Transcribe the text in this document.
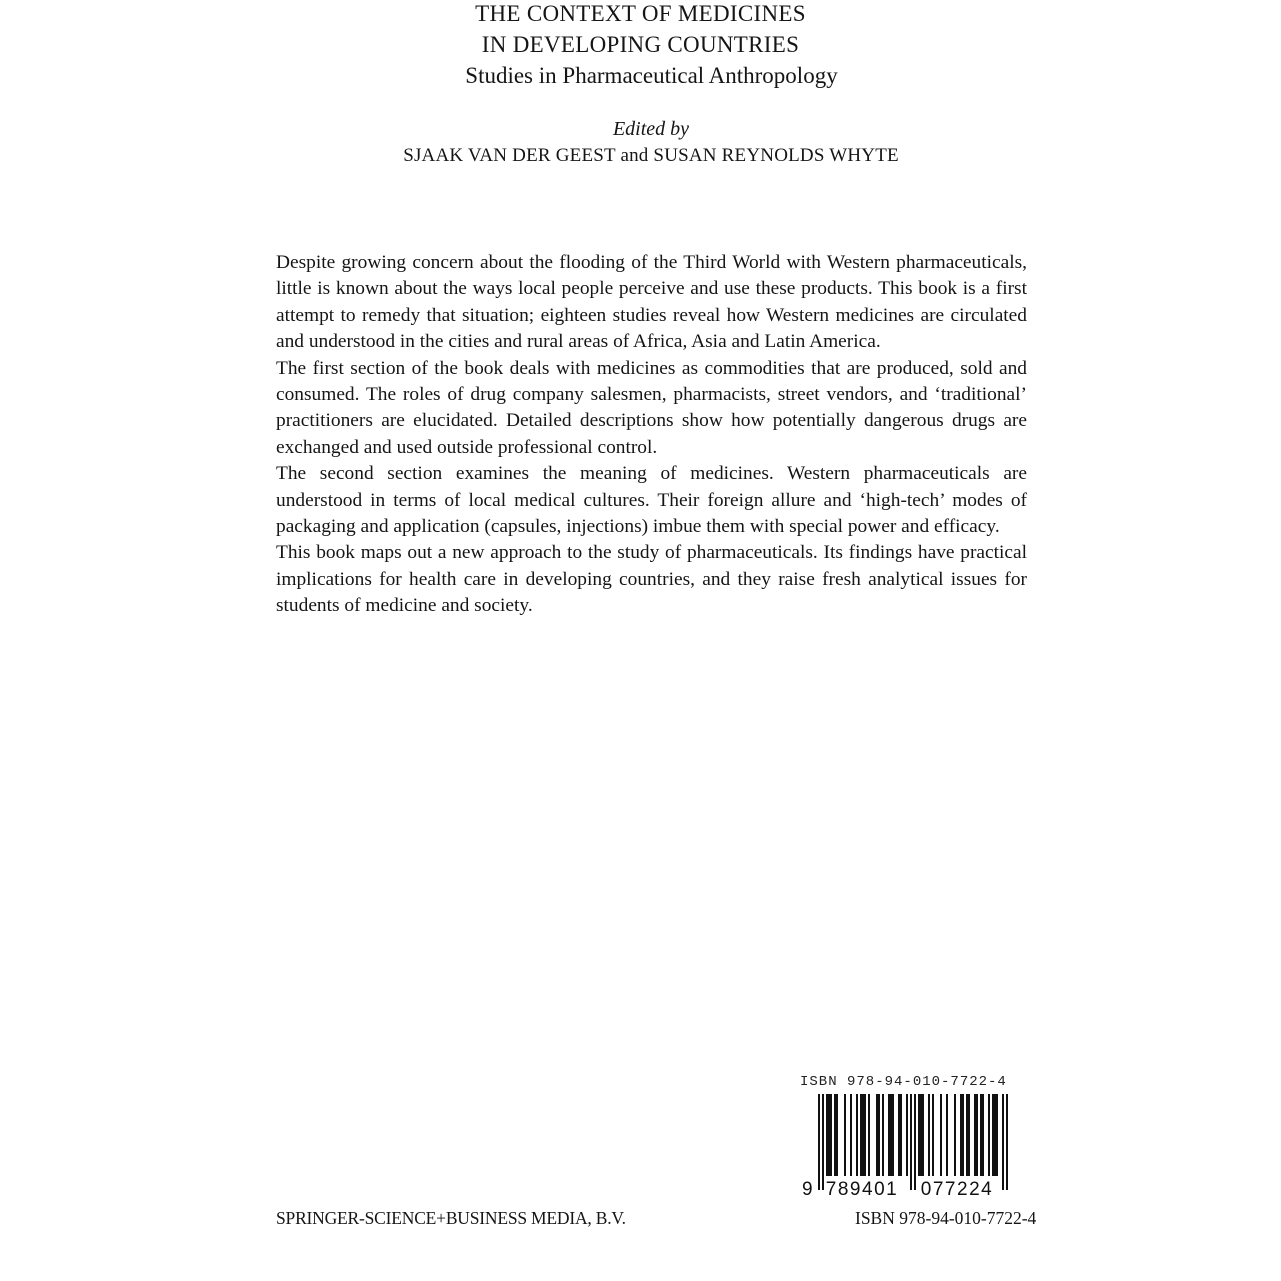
THE CONTEXT OF MEDICINES
IN DEVELOPING COUNTRIES
Studies in Pharmaceutical Anthropology
Edited by
SJAAK VAN DER GEEST and SUSAN REYNOLDS WHYTE

Despite growing concern about the flooding of the Third World with Western pharmaceuticals, little is known about the ways local people perceive and use these products. This book is a first attempt to remedy that situation; eighteen studies reveal how Western medicines are circulated and understood in the cities and rural areas of Africa, Asia and Latin America.

The first section of the book deals with medicines as commodities that are produced, sold and consumed. The roles of drug company salesmen, pharmacists, street vendors, and ‘traditional’ practitioners are elucidated. Detailed descriptions show how potentially dangerous drugs are exchanged and used outside professional control.

The second section examines the meaning of medicines. Western pharmaceuticals are understood in terms of local medical cultures. Their foreign allure and ‘high-tech’ modes of packaging and application (capsules, injections) imbue them with special power and efficacy.

This book maps out a new approach to the study of pharmaceuticals. Its findings have practical implications for health care in developing countries, and they raise fresh analytical issues for students of medicine and society.

ISBN 978-94-010-7722-4
9 789401 077224
SPRINGER-SCIENCE+BUSINESS MEDIA, B.V.	ISBN 978-94-010-7722-4
